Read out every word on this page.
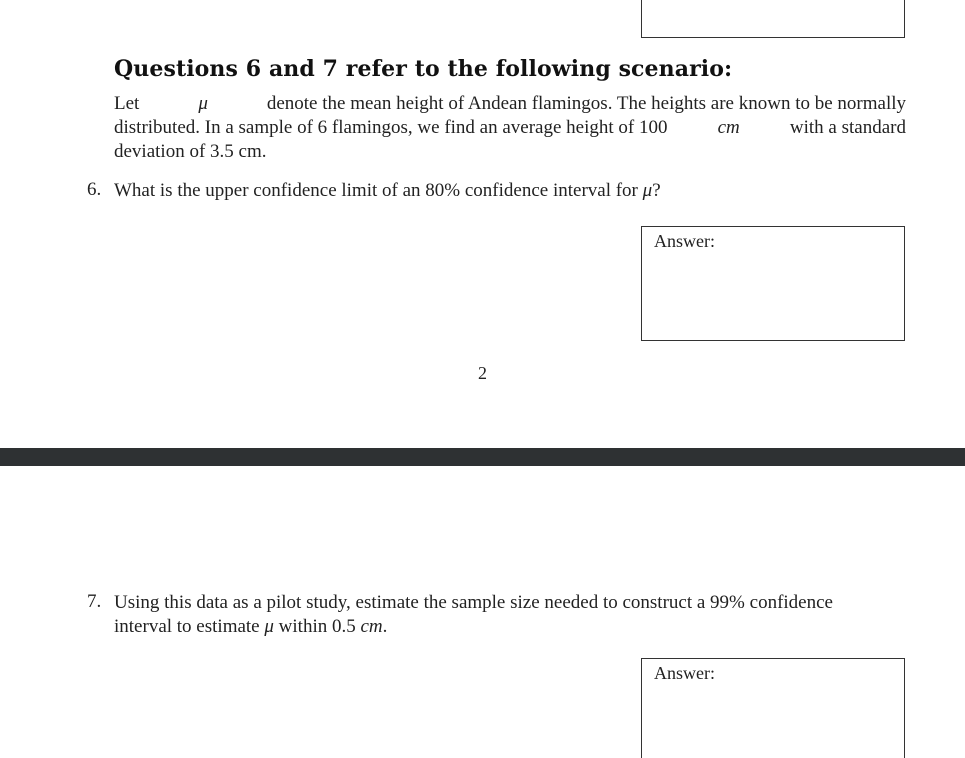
Questions 6 and 7 refer to the following scenario:
Let	μ	denote the mean height of Andean flamingos. The heights are known to be normally
distributed. In a sample of 6 flamingos, we find an average height of 100	cm	with a standard
deviation of 3.5 cm.
6. What is the upper confidence limit of an 80% confidence interval for μ?
Answer:
2
7. Using this data as a pilot study, estimate the sample size needed to construct a 99% confidence
interval to estimate μ within 0.5 cm.
Answer:
